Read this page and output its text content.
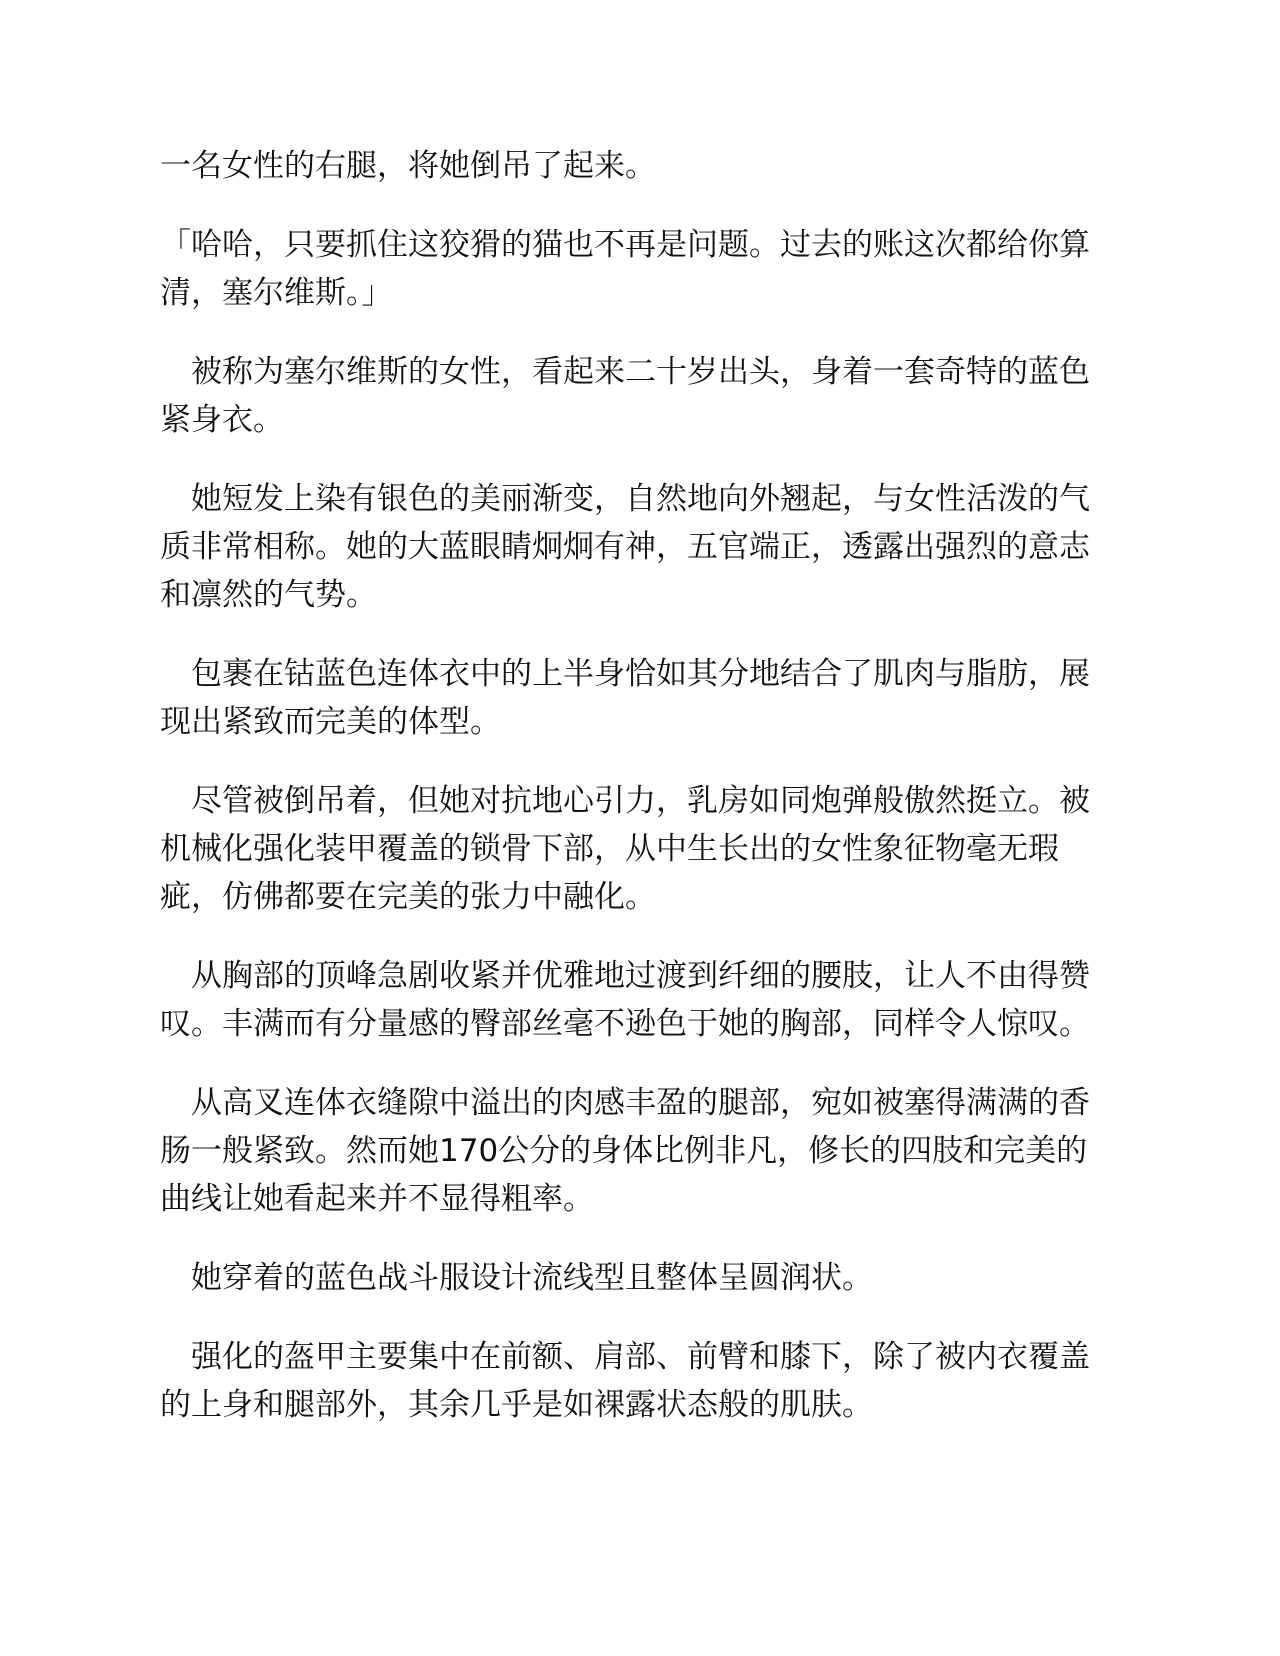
一名女性的右腿，将她倒吊了起来。

「哈哈，只要抓住这狡猾的猫也不再是问题。过去的账这次都给你算清，塞尔维斯。」

　被称为塞尔维斯的女性，看起来二十岁出头，身着一套奇特的蓝色紧身衣。

　她短发上染有银色的美丽渐变，自然地向外翘起，与女性活泼的气质非常相称。她的大蓝眼睛炯炯有神，五官端正，透露出强烈的意志和凛然的气势。

　包裹在钴蓝色连体衣中的上半身恰如其分地结合了肌肉与脂肪，展现出紧致而完美的体型。

　尽管被倒吊着，但她对抗地心引力，乳房如同炮弹般傲然挺立。被机械化强化装甲覆盖的锁骨下部，从中生长出的女性象征物毫无瑕疵，仿佛都要在完美的张力中融化。

　从胸部的顶峰急剧收紧并优雅地过渡到纤细的腰肢，让人不由得赞叹。丰满而有分量感的臀部丝毫不逊色于她的胸部，同样令人惊叹。

　从高叉连体衣缝隙中溢出的肉感丰盈的腿部，宛如被塞得满满的香肠一般紧致。然而她170公分的身体比例非凡，修长的四肢和完美的曲线让她看起来并不显得粗率。

　她穿着的蓝色战斗服设计流线型且整体呈圆润状。

　强化的盔甲主要集中在前额、肩部、前臂和膝下，除了被内衣覆盖的上身和腿部外，其余几乎是如裸露状态般的肌肤。
